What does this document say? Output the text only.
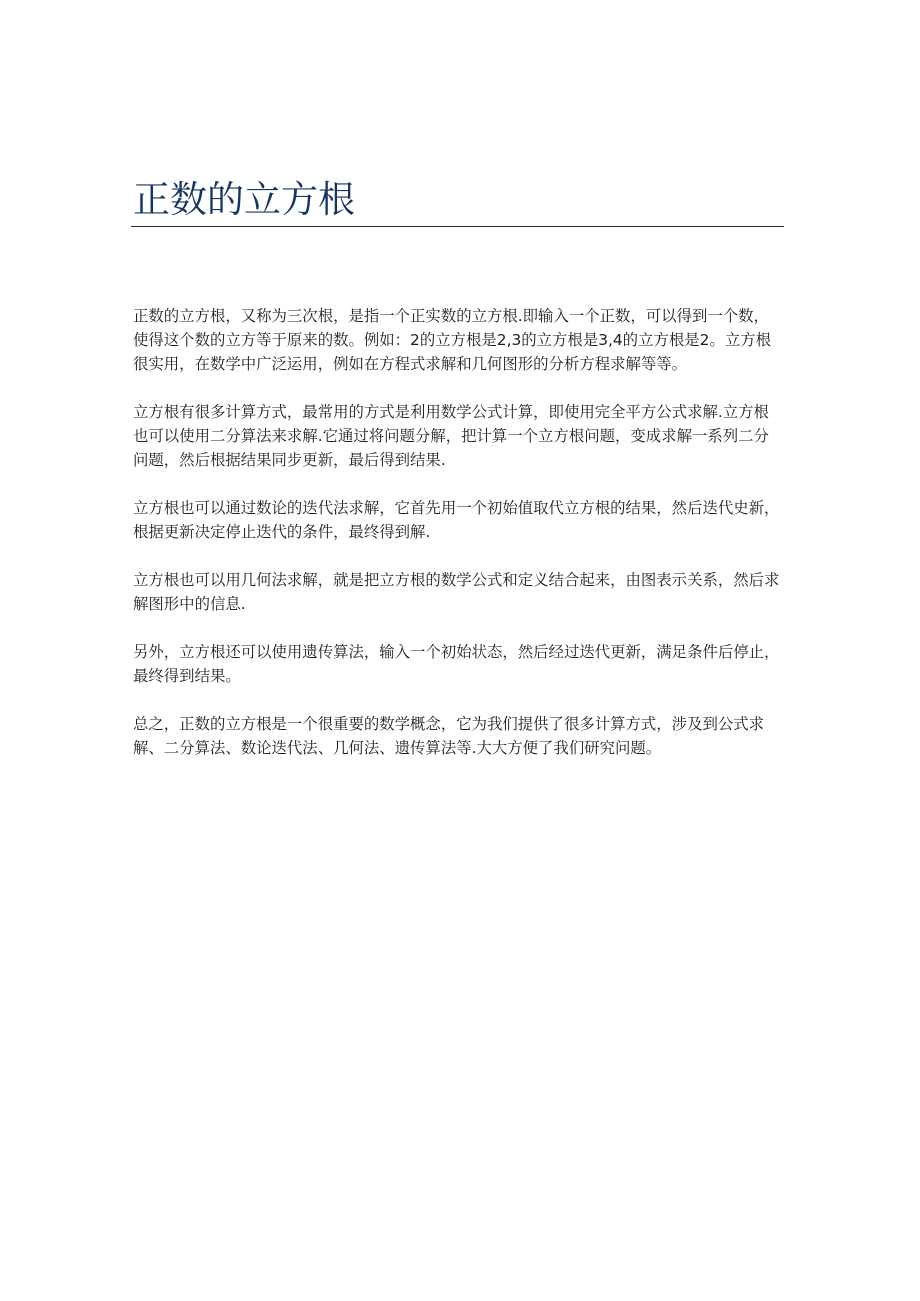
正数的立方根

正数的立方根，又称为三次根，是指一个正实数的立方根.即输入一个正数，可以得到一个数，使得这个数的立方等于原来的数。例如：2的立方根是2,3的立方根是3,4的立方根是2。立方根很实用，在数学中广泛运用，例如在方程式求解和几何图形的分析方程求解等等。

立方根有很多计算方式，最常用的方式是利用数学公式计算，即使用完全平方公式求解.立方根也可以使用二分算法来求解.它通过将问题分解，把计算一个立方根问题，变成求解一系列二分问题，然后根据结果同步更新，最后得到结果.

立方根也可以通过数论的迭代法求解，它首先用一个初始值取代立方根的结果，然后迭代史新，根据更新决定停止迭代的条件，最终得到解.

立方根也可以用几何法求解，就是把立方根的数学公式和定义结合起来，由图表示关系，然后求解图形中的信息.

另外，立方根还可以使用遗传算法，输入一个初始状态，然后经过迭代更新，满足条件后停止，最终得到结果。

总之，正数的立方根是一个很重要的数学概念，它为我们提供了很多计算方式，涉及到公式求解、二分算法、数论迭代法、几何法、遗传算法等.大大方便了我们研究问题。
